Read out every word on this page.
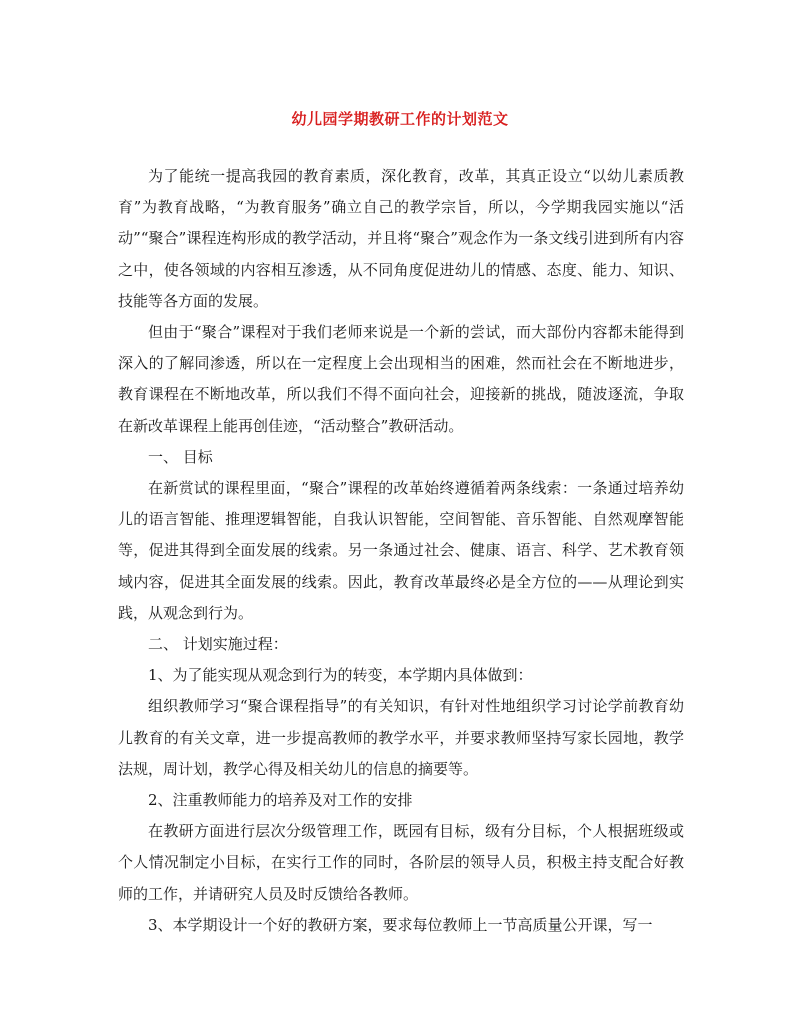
幼儿园学期教研工作的计划范文

为了能统一提高我园的教育素质，深化教育，改革，其真正设立“以幼儿素质教育”为教育战略，“为教育服务”确立自己的教学宗旨，所以，今学期我园实施以“活动”“聚合”课程连构形成的教学活动，并且将“聚合”观念作为一条文线引进到所有内容之中，使各领域的内容相互渗透，从不同角度促进幼儿的情感、态度、能力、知识、技能等各方面的发展。

但由于“聚合”课程对于我们老师来说是一个新的尝试，而大部份内容都未能得到深入的了解同渗透，所以在一定程度上会出现相当的困难，然而社会在不断地进步，教育课程在不断地改革，所以我们不得不面向社会，迎接新的挑战，随波逐流，争取在新改革课程上能再创佳迹，“活动整合”教研活动。

一、 目标

在新赏试的课程里面，“聚合”课程的改革始终遵循着两条线索：一条通过培养幼儿的语言智能、推理逻辑智能，自我认识智能，空间智能、音乐智能、自然观摩智能等，促进其得到全面发展的线索。另一条通过社会、健康、语言、科学、艺术教育领域内容，促进其全面发展的线索。因此，教育改革最终必是全方位的——从理论到实践，从观念到行为。

二、 计划实施过程：

1、为了能实现从观念到行为的转变，本学期内具体做到：

组织教师学习“聚合课程指导”的有关知识，有针对性地组织学习讨论学前教育幼儿教育的有关文章，进一步提高教师的教学水平，并要求教师坚持写家长园地，教学法规，周计划，教学心得及相关幼儿的信息的摘要等。

2、注重教师能力的培养及对工作的安排

在教研方面进行层次分级管理工作，既园有目标，级有分目标，个人根据班级或个人情况制定小目标，在实行工作的同时，各阶层的领导人员，积极主持支配合好教师的工作，并请研究人员及时反馈给各教师。

3、本学期设计一个好的教研方案，要求每位教师上一节高质量公开课，写一
